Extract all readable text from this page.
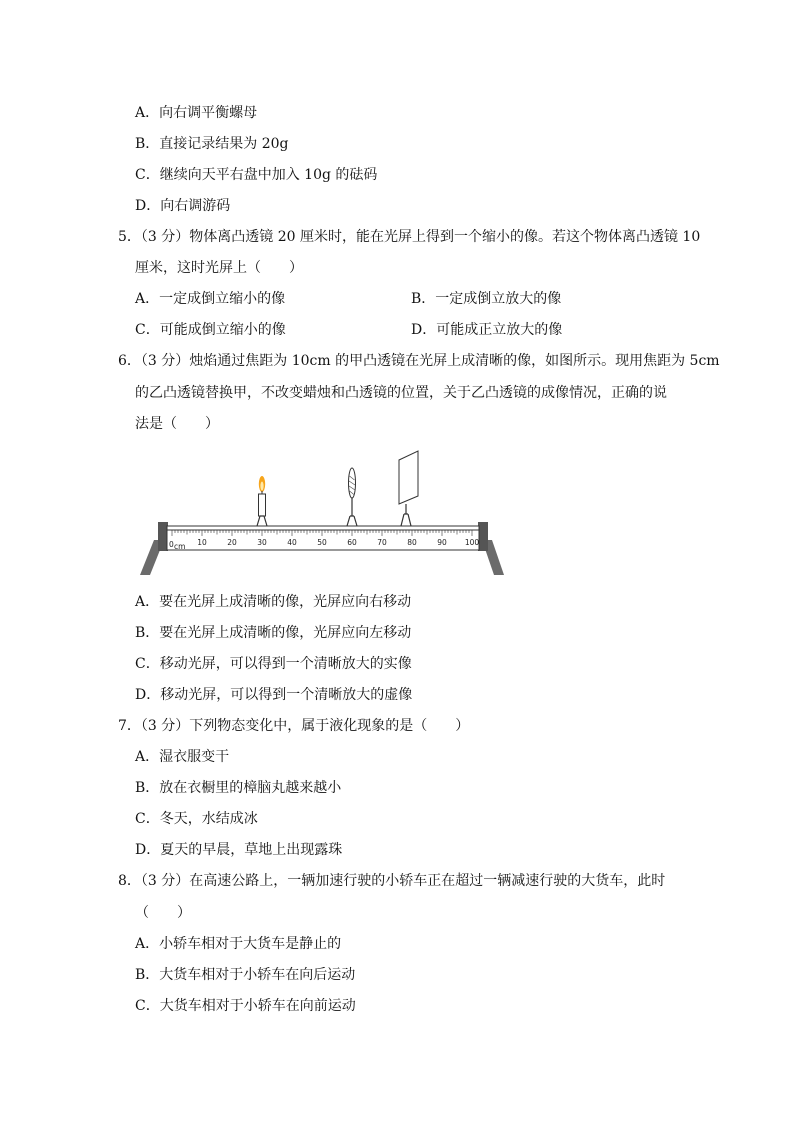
A．向右调平衡螺母
B．直接记录结果为 20g
C．继续向天平右盘中加入 10g 的砝码
D．向右调游码
5．（3 分）物体离凸透镜 20 厘米时，能在光屏上得到一个缩小的像。若这个物体离凸透镜 10
厘米，这时光屏上（　　）
A．一定成倒立缩小的像	B．一定成倒立放大的像
C．可能成倒立缩小的像	D．可能成正立放大的像
6．（3 分）烛焰通过焦距为 10cm 的甲凸透镜在光屏上成清晰的像，如图所示。现用焦距为 5cm
的乙凸透镜替换甲，不改变蜡烛和凸透镜的位置，关于乙凸透镜的成像情况，正确的说
法是（　　）
0	10	20	30	40	50	60	70	80	90 100
cm
A．要在光屏上成清晰的像，光屏应向右移动
B．要在光屏上成清晰的像，光屏应向左移动
C．移动光屏，可以得到一个清晰放大的实像
D．移动光屏，可以得到一个清晰放大的虚像
7．（3 分）下列物态变化中，属于液化现象的是（　　）
A．湿衣服变干
B．放在衣橱里的樟脑丸越来越小
C．冬天，水结成冰
D．夏天的早晨，草地上出现露珠
8．（3 分）在高速公路上，一辆加速行驶的小轿车正在超过一辆减速行驶的大货车，此时
（　　）
A．小轿车相对于大货车是静止的
B．大货车相对于小轿车在向后运动
C．大货车相对于小轿车在向前运动
